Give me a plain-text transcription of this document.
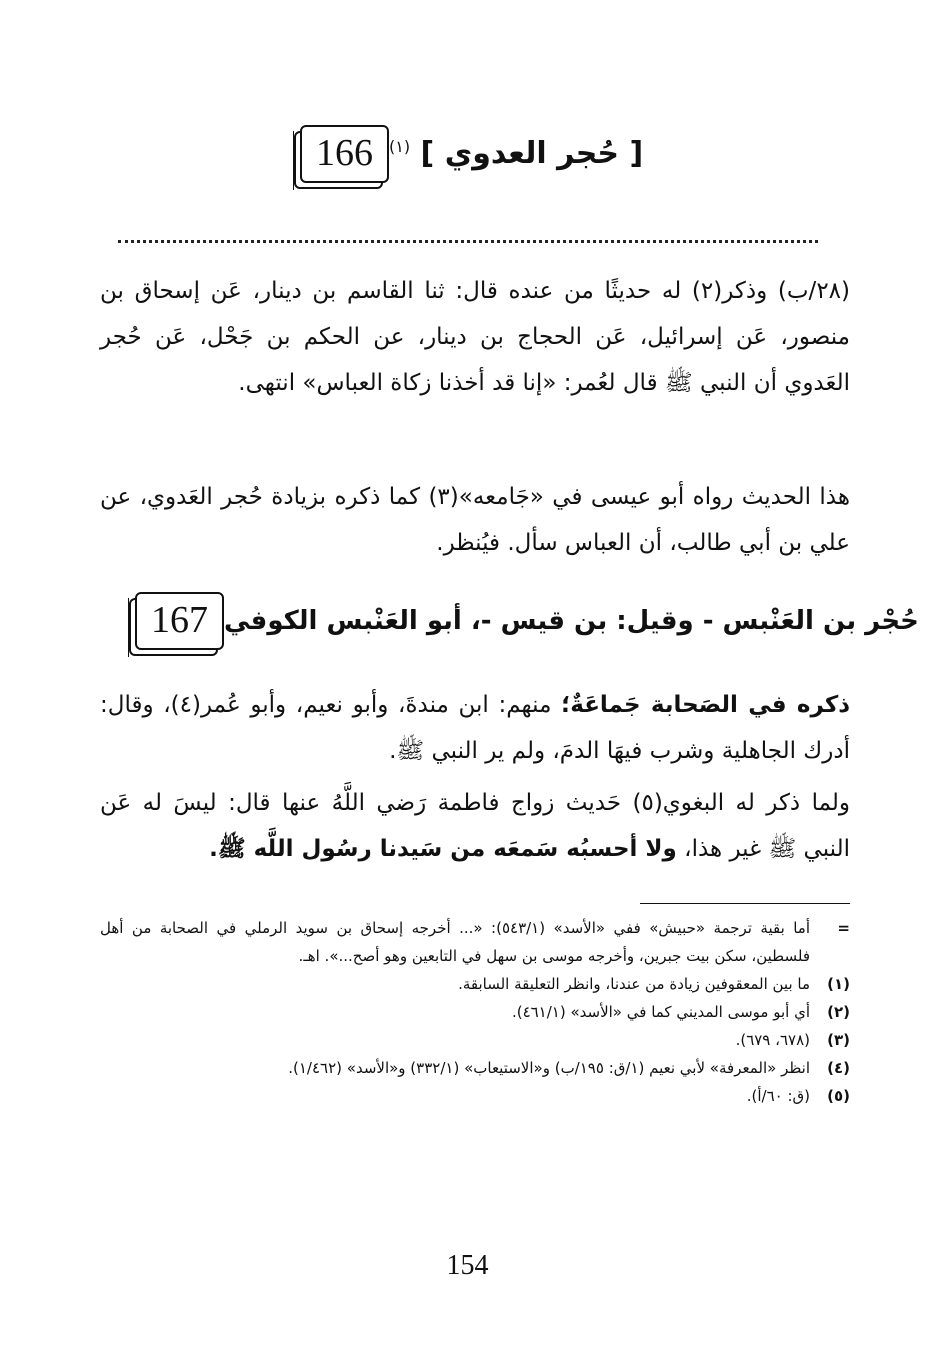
166	[ حُجر العدوي ] $^{(١)}$
(٢٨/ب) وذكر(٢) له حديثًا من عنده قال: ثنا القاسم بن دينار، عَن إسحاق بن منصور، عَن إسرائيل، عَن الحجاج بن دينار، عن الحكم بن جَحْل، عَن حُجر العَدوي أن النبي ﷺ قال لعُمر: «إنا قد أخذنا زكاة العباس» انتهى.
هذا الحديث رواه أبو عيسى في «جَامعه»(٣) كما ذكره بزيادة حُجر العَدوي، عن علي بن أبي طالب، أن العباس سأل. فيُنظر.
167 حُجْر بن العَنْبس - وقيل: بن قيس -، أبو العَنْبس الكوفي
ذكره في الصَحابة جَماعَةٌ؛ منهم: ابن مندةَ، وأبو نعيم، وأبو عُمر(٤)، وقال: أدرك الجاهلية وشرب فيهَا الدمَ، ولم ير النبي ﷺ.
ولما ذكر له البغوي(٥) حَديث زواج فاطمة رَضي اللَّهُ عنها قال: ليسَ له عَن النبي ﷺ غير هذا، ولا أحسبُه سَمعَه من سَيدنا رسُول اللَّه ﷺ.
=
أما بقية ترجمة «حبيش» ففي «الأسد» (٥٤٣/١): «... أخرجه إسحاق بن سويد الرملي في الصحابة من أهل فلسطين، سكن بيت جبرين، وأخرجه موسى بن سهل في التابعين وهو أصح...». اهـ.
(١)
ما بين المعقوفين زيادة من عندنا، وانظر التعليقة السابقة.
(٢)
أي أبو موسى المديني كما في «الأسد» (٤٦١/١).
(٣)
(٦٧٨، ٦٧٩).
(٤)
انظر «المعرفة» لأبي نعيم (١/ق: ١٩٥/ب) و«الاستيعاب» (٣٣٢/١) و«الأسد» (١/٤٦٢).
(٥)
(ق: ٦٠/أ).
154
